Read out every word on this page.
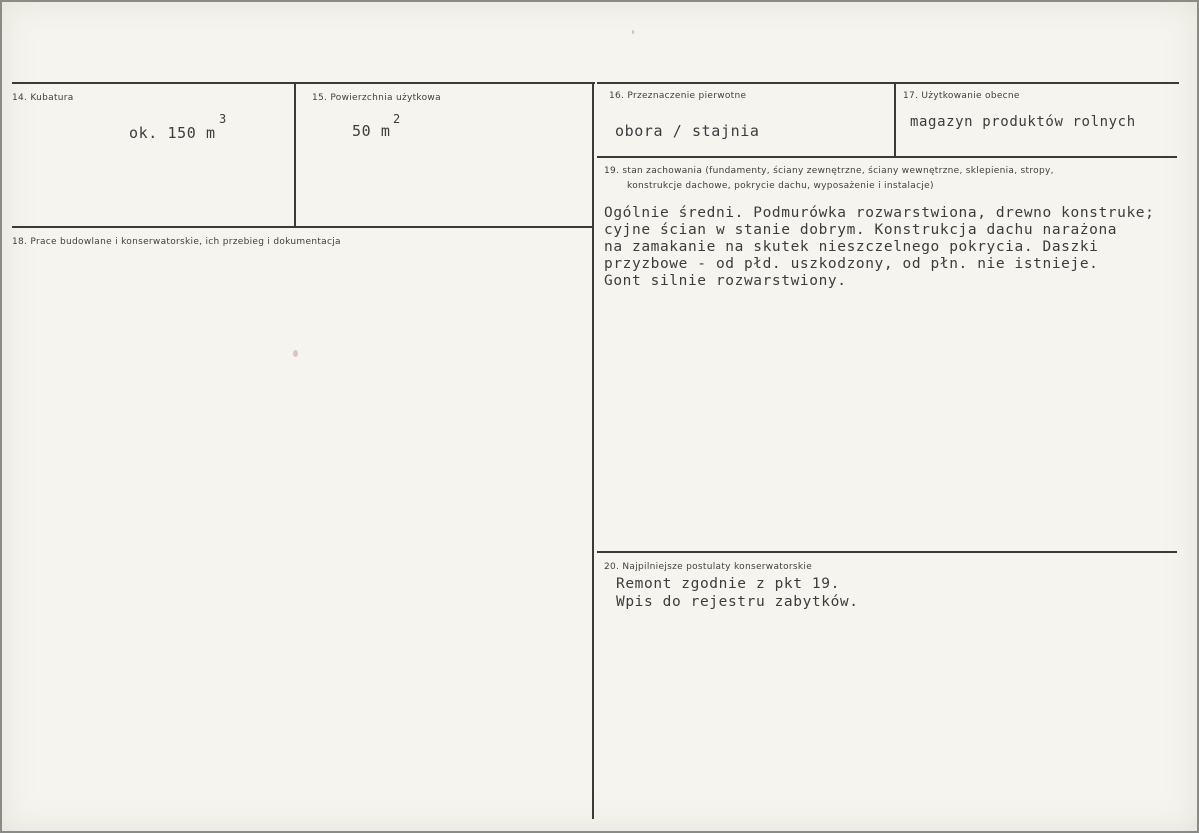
14. Kubatura
ok. 150 m
3
15. Powierzchnia użytkowa
50 m
2
16. Przeznaczenie pierwotne
obora / stajnia
17. Użytkowanie obecne
magazyn produktów rolnych
18. Prace budowlane i konserwatorskie, ich przebieg i dokumentacja
19. stan zachowania (fundamenty, ściany zewnętrzne, ściany wewnętrzne, sklepienia, stropy,
konstrukcje dachowe, pokrycie dachu, wyposażenie i instalacje)
Ogólnie średni. Podmurówka rozwarstwiona, drewno konstruke;
cyjne ścian w stanie dobrym. Konstrukcja dachu narażona
na zamakanie na skutek nieszczelnego pokrycia. Daszki
przyzbowe - od płd. uszkodzony, od płn. nie istnieje.
Gont silnie rozwarstwiony.
20. Najpilniejsze postulaty konserwatorskie
Remont zgodnie z pkt 19.
Wpis do rejestru zabytków.
